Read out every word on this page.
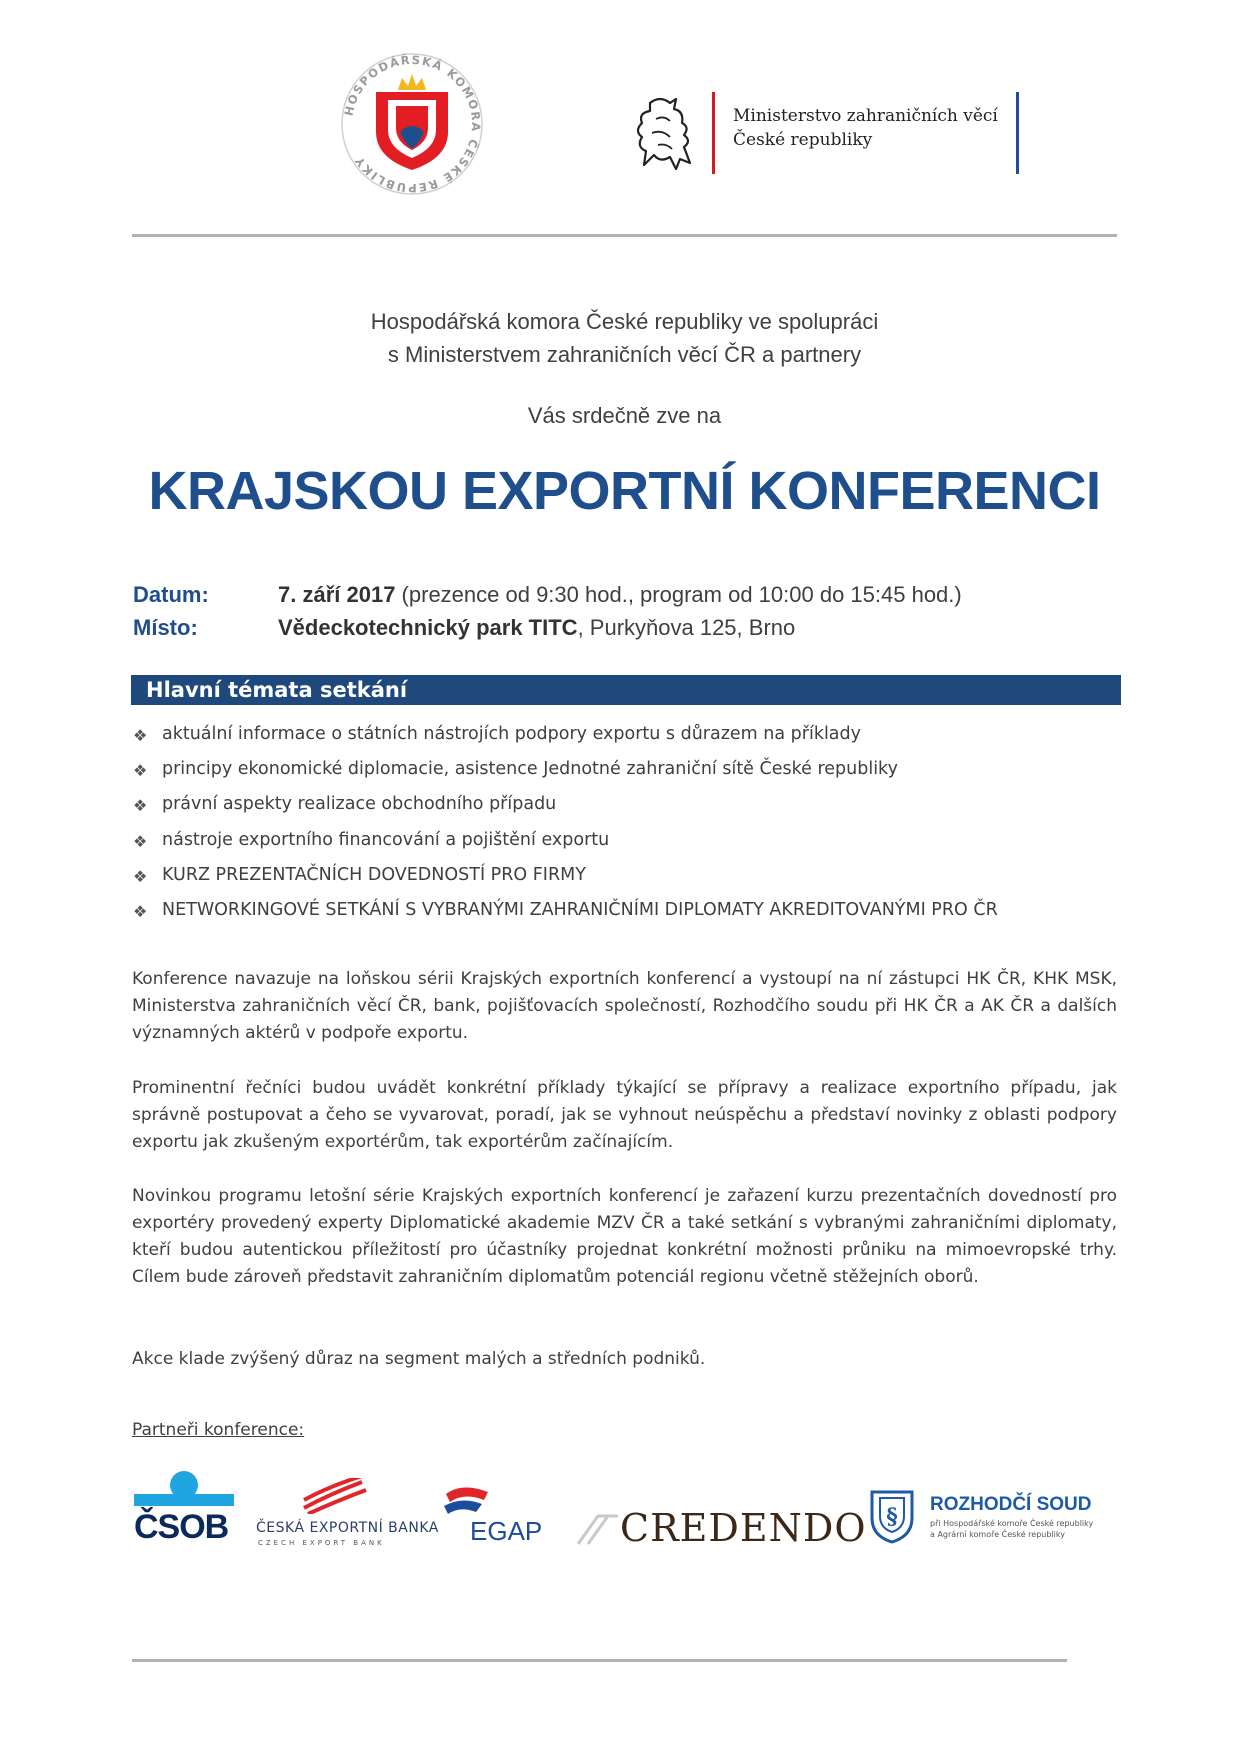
HOSPODÁŘSKÁ KOMORA ČESKÉ REPUBLIKY
Ministerstvo zahraničních věcí
České republiky
Hospodářská komora České republiky ve spolupráci
s Ministerstvem zahraničních věcí ČR a partnery
Vás srdečně zve na
KRAJSKOU EXPORTNÍ KONFERENCI
Datum:	7. září 2017 (prezence od 9:30 hod., program od 10:00 do 15:45 hod.)
Místo:	Vědeckotechnický park TITC, Purkyňova 125, Brno
Hlavní témata setkání
❖ aktuální informace o státních nástrojích podpory exportu s důrazem na příklady
❖ principy ekonomické diplomacie, asistence Jednotné zahraniční sítě České republiky
❖ právní aspekty realizace obchodního případu
❖ nástroje exportního financování a pojištění exportu
❖ KURZ PREZENTAČNÍCH DOVEDNOSTÍ PRO FIRMY
❖ NETWORKINGOVÉ SETKÁNÍ S VYBRANÝMI ZAHRANIČNÍMI DIPLOMATY AKREDITOVANÝMI PRO ČR
Konference navazuje na loňskou sérii Krajských exportních konferencí a vystoupí na ní zástupci HK ČR, KHK MSK, Ministerstva zahraničních věcí ČR, bank, pojišťovacích společností, Rozhodčího soudu při HK ČR a AK ČR a dalších významných aktérů v podpoře exportu.
Prominentní řečníci budou uvádět konkrétní příklady týkající se přípravy a realizace exportního případu, jak správně postupovat a čeho se vyvarovat, poradí, jak se vyhnout neúspěchu a představí novinky z oblasti podpory exportu jak zkušeným exportérům, tak exportérům začínajícím.
Novinkou programu letošní série Krajských exportních konferencí je zařazení kurzu prezentačních dovedností pro exportéry provedený experty Diplomatické akademie MZV ČR a také setkání s vybranými zahraničními diplomaty, kteří budou autentickou příležitostí pro účastníky projednat konkrétní možnosti průniku na mimoevropské trhy. Cílem bude zároveň představit zahraničním diplomatům potenciál regionu včetně stěžejních oborů.
Akce klade zvýšený důraz na segment malých a středních podniků.
Partneři konference:
ČSOB ČESKÁ EXPORTNÍ BANKA
CZECH EXPORT BANK	EGAP CREDENDO § ROZHODČÍ SOUD
při Hospodářské komoře České republiky
a Agrární komoře České republiky
